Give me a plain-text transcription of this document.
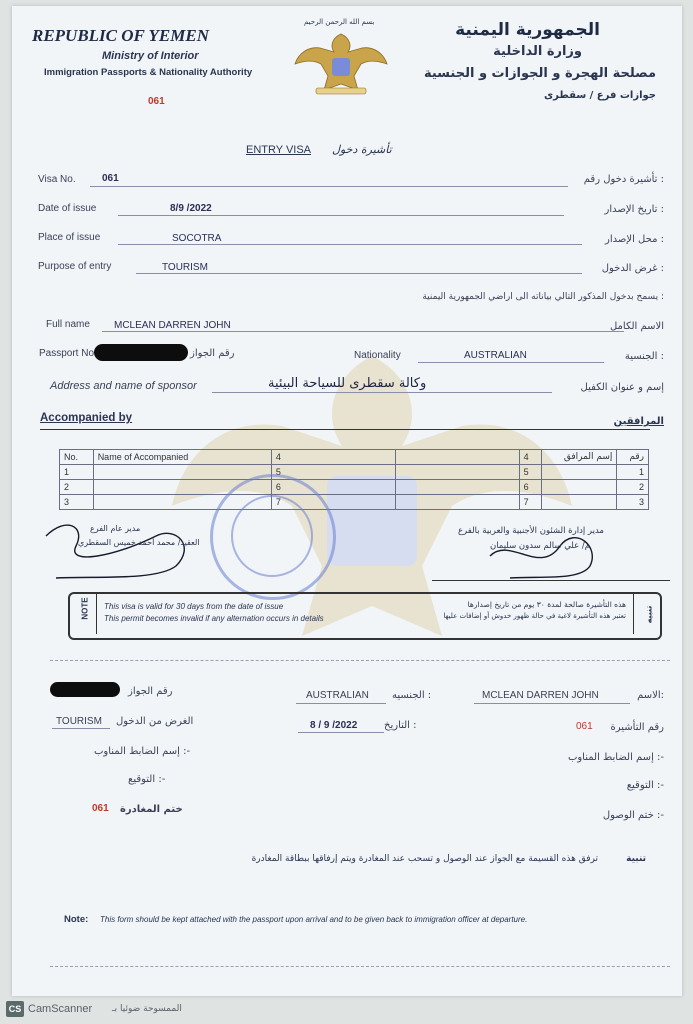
REPUBLIC OF YEMEN
Ministry of Interior
Immigration Passports & Nationality Authority
061
بسم الله الرحمن الرحيم	الجمهورية اليمنية
وزارة الداخلية
مصلحة الهجرة و الجوازات و الجنسية
جوازات فرع / سقطرى
ENTRY VISA تأشيرة دخول
Visa No.	061	تأشيرة دخول رقم :
Date of issue	8/9 /2022	تاريخ الإصدار :
Place of issue	SOCOTRA	محل الإصدار :
Purpose of entry	TOURISM	غرض الدخول :
يسمح بدخول المذكور التالي بياناته الى اراضي الجمهورية اليمنية :
Full name MCLEAN DARREN JOHN	الاسم الكامل
Passport No	رقم الجواز	Nationality	AUSTRALIAN	الجنسية :
Address and name of sponsor	وكالة سقطرى للسياحة البيئية	إسم و عنوان الكفيل
Accompanied by	المرافقين
No.	Name of Accompanied	4		4	إسم المرافق	رقم
1		5		5		1
2		6		6		2
3		7		7		3
مدير عام الفرع
العقيد/ محمد أحمد خميس السقطري
مدير إدارة الشئون الأجنبية والعربية بالفرع
م/ علي سالم سدون سليمان
NOTE This visa is valid for 30 days from the date of issue
This permit becomes invalid if any alternation occurs in details
هذه التأشيرة صالحة لمدة ٣٠ يوم من تاريخ إصدارها
تعتبر هذه التأشيرة لاغية في حالة ظهور خدوش أو إضافات عليها تنبيه
رقم الجواز	AUSTRALIAN الجنسيه :	MCLEAN DARREN JOHN	الاسم:
TOURISM الغرض من الدخول	8 / 9 /2022	التاريخ :	061 رقم التأشيرة
إسم الضابط المناوب :-
إسم الضابط المناوب :-
التوقيع :-
التوقيع :-
061 ختم المغادرة
ختم الوصول :-
تنبية
ترفق هذه القسيمة مع الجواز عند الوصول و تسحب عند المغادرة ويتم إرفاقها ببطاقة المغادرة
Note: This form should be kept attached with the passport upon arrival and to be given back to immigration officer at departure.
CS CamScanner الممسوحة ضوئيا بـ
